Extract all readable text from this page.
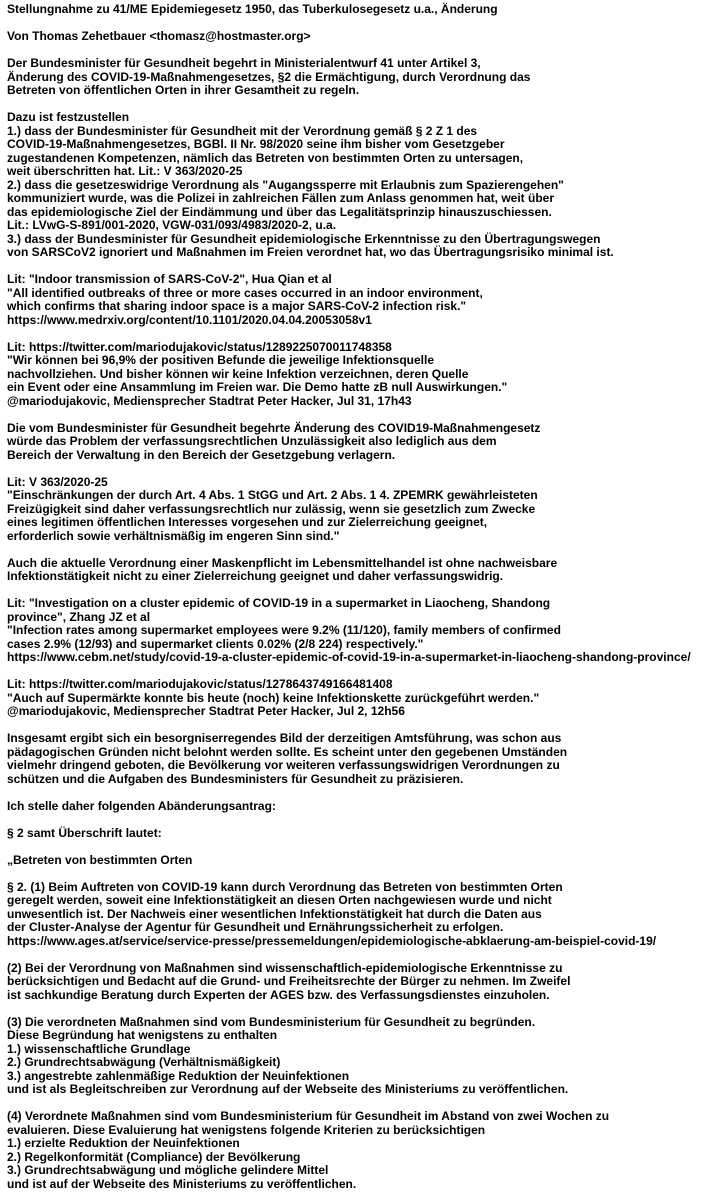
Stellungnahme zu 41/ME Epidemiegesetz 1950, das Tuberkulosegesetz u.a., Änderung

Von Thomas Zehetbauer <thomasz@hostmaster.org>

Der Bundesminister für Gesundheit begehrt in Ministerialentwurf 41 unter Artikel 3,
Änderung des COVID-19-Maßnahmengesetzes, §2 die Ermächtigung, durch Verordnung das
Betreten von öffentlichen Orten in ihrer Gesamtheit zu regeln.

Dazu ist festzustellen
1.) dass der Bundesminister für Gesundheit mit der Verordnung gemäß § 2 Z 1 des
COVID-19-Maßnahmengesetzes, BGBl. II Nr. 98/2020 seine ihm bisher vom Gesetzgeber
zugestandenen Kompetenzen, nämlich das Betreten von bestimmten Orten zu untersagen,
weit überschritten hat. Lit.: V 363/2020-25
2.) dass die gesetzeswidrige Verordnung als "Augangssperre mit Erlaubnis zum Spazierengehen"
kommuniziert wurde, was die Polizei in zahlreichen Fällen zum Anlass genommen hat, weit über
das epidemiologische Ziel der Eindämmung und über das Legalitätsprinzip hinauszuschiessen.
Lit.: LVwG-S-891/001-2020, VGW-031/093/4983/2020-2, u.a.
3.) dass der Bundesminister für Gesundheit epidemiologische Erkenntnisse zu den Übertragungswegen
von SARSCoV2 ignoriert und Maßnahmen im Freien verordnet hat, wo das Übertragungsrisiko minimal ist.

Lit: "Indoor transmission of SARS-CoV-2", Hua Qian et al
"All identified outbreaks of three or more cases occurred in an indoor environment,
which confirms that sharing indoor space is a major SARS-CoV-2 infection risk."
https://www.medrxiv.org/content/10.1101/2020.04.04.20053058v1

Lit: https://twitter.com/mariodujakovic/status/1289225070011748358
"Wir können bei 96,9% der positiven Befunde die jeweilige Infektionsquelle
nachvollziehen. Und bisher können wir keine Infektion verzeichnen, deren Quelle
ein Event oder eine Ansammlung im Freien war. Die Demo hatte zB null Auswirkungen."
@mariodujakovic, Mediensprecher Stadtrat Peter Hacker, Jul 31, 17h43

Die vom Bundesminister für Gesundheit begehrte Änderung des COVID19-Maßnahmengesetz
würde das Problem der verfassungsrechtlichen Unzulässigkeit also lediglich aus dem
Bereich der Verwaltung in den Bereich der Gesetzgebung verlagern.

Lit: V 363/2020-25
"Einschränkungen der durch Art. 4 Abs. 1 StGG und Art. 2 Abs. 1 4. ZPEMRK gewährleisteten
Freizügigkeit sind daher verfassungsrechtlich nur zulässig, wenn sie gesetzlich zum Zwecke
eines legitimen öffentlichen Interesses vorgesehen und zur Zielerreichung geeignet,
erforderlich sowie verhältnismäßig im engeren Sinn sind."

Auch die aktuelle Verordnung einer Maskenpflicht im Lebensmittelhandel ist ohne nachweisbare
Infektionstätigkeit nicht zu einer Zielerreichung geeignet und daher verfassungswidrig.

Lit: "Investigation on a cluster epidemic of COVID-19 in a supermarket in Liaocheng, Shandong
province", Zhang JZ et al
"Infection rates among supermarket employees were 9.2% (11/120), family members of confirmed
cases 2.9% (12/93) and supermarket clients 0.02% (2/8 224) respectively."
https://www.cebm.net/study/covid-19-a-cluster-epidemic-of-covid-19-in-a-supermarket-in-liaocheng-shandong-province/

Lit: https://twitter.com/mariodujakovic/status/1278643749166481408
"Auch auf Supermärkte konnte bis heute (noch) keine Infektionskette zurückgeführt werden."
@mariodujakovic, Mediensprecher Stadtrat Peter Hacker, Jul 2, 12h56

Insgesamt ergibt sich ein besorgniserregendes Bild der derzeitigen Amtsführung, was schon aus
pädagogischen Gründen nicht belohnt werden sollte. Es scheint unter den gegebenen Umständen
vielmehr dringend geboten, die Bevölkerung vor weiteren verfassungswidrigen Verordnungen zu
schützen und die Aufgaben des Bundesministers für Gesundheit zu präzisieren.

Ich stelle daher folgenden Abänderungsantrag:

§ 2 samt Überschrift lautet:

„Betreten von bestimmten Orten

§ 2. (1) Beim Auftreten von COVID-19 kann durch Verordnung das Betreten von bestimmten Orten
geregelt werden, soweit eine Infektionstätigkeit an diesen Orten nachgewiesen wurde und nicht
unwesentlich ist. Der Nachweis einer wesentlichen Infektionstätigkeit hat durch die Daten aus
der Cluster-Analyse der Agentur für Gesundheit und Ernährungssicherheit zu erfolgen.
https://www.ages.at/service/service-presse/pressemeldungen/epidemiologische-abklaerung-am-beispiel-covid-19/

(2) Bei der Verordnung von Maßnahmen sind wissenschaftlich-epidemiologische Erkenntnisse zu
berücksichtigen und Bedacht auf die Grund- und Freiheitsrechte der Bürger zu nehmen. Im Zweifel
ist sachkundige Beratung durch Experten der AGES bzw. des Verfassungsdienstes einzuholen.

(3) Die verordneten Maßnahmen sind vom Bundesministerium für Gesundheit zu begründen.
Diese Begründung hat wenigstens zu enthalten
1.) wissenschaftliche Grundlage
2.) Grundrechtsabwägung (Verhältnismäßigkeit)
3.) angestrebte zahlenmäßige Reduktion der Neuinfektionen
und ist als Begleitschreiben zur Verordnung auf der Webseite des Ministeriums zu veröffentlichen.

(4) Verordnete Maßnahmen sind vom Bundesministerium für Gesundheit im Abstand von zwei Wochen zu
evaluieren. Diese Evaluierung hat wenigstens folgende Kriterien zu berücksichtigen
1.) erzielte Reduktion der Neuinfektionen
2.) Regelkonformität (Compliance) der Bevölkerung
3.) Grundrechtsabwägung und mögliche gelindere Mittel
und ist auf der Webseite des Ministeriums zu veröffentlichen.
